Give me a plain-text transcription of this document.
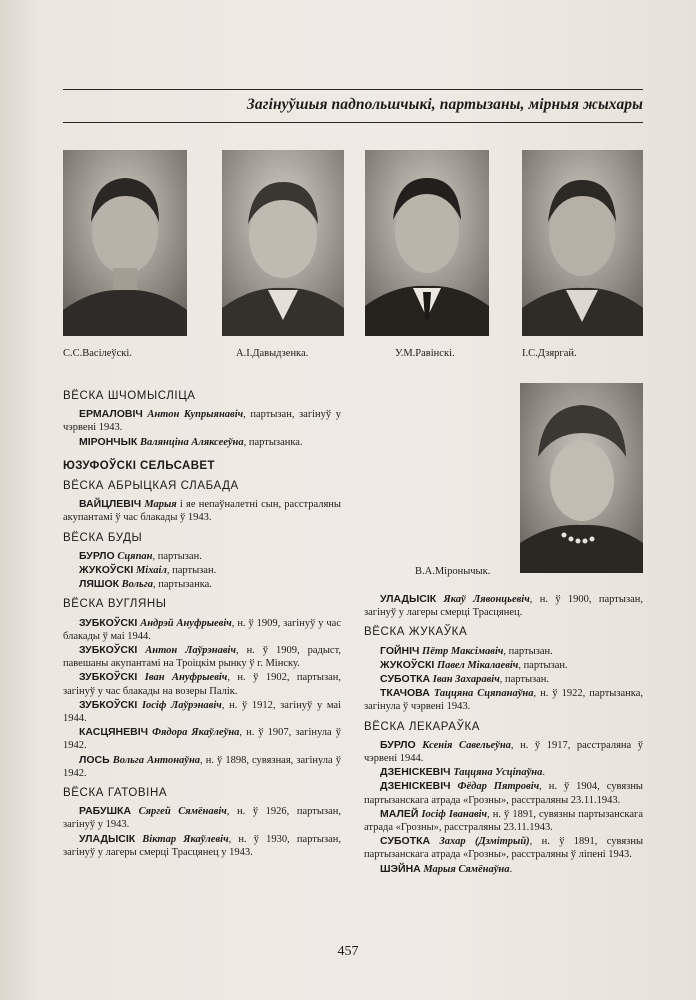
Загінуўшыя падпольшчыкі, партызаны, мірныя жыхары
С.С.Васілеўскі.	А.І.Давыдзенка.	У.М.Равінскі.	І.С.Дзяргай.
В.А.Міронычык.
ВЁСКА ШЧОМЫСЛІЦА
ЕРМАЛОВІЧ Антон Купрыянавіч, партызан, загінуў у чэрвені 1943.
МІРОНЧЫК Валянціна Аляксееўна, партызанка.
ЮЗУФОЎСКІ СЕЛЬСАВЕТ
ВЁСКА АБРЫЦКАЯ СЛАБАДА
ВАЙЦЛЕВІЧ Марыя і яе непаўналетні сын, расстраляны акупантамі ў час блакады ў 1943.
ВЁСКА БУДЫ
БУРЛО Сцяпан, партызан.
ЖУКОЎСКІ Міхаіл, партызан.
ЛЯШОК Вольга, партызанка.
ВЁСКА ВУГЛЯНЫ
ЗУБКОЎСКІ Андрэй Ануфрыевіч, н. ў 1909, загінуў у час блакады ў маі 1944.
ЗУБКОЎСКІ Антон Лаўрэнавіч, н. ў 1909, радыст, павешаны акупантамі на Троіцкім рынку ў г. Мінску.
ЗУБКОЎСКІ Іван Ануфрыевіч, н. ў 1902, партызан, загінуў у час блакады на возеры Палік.
ЗУБКОЎСКІ Іосіф Лаўрэнавіч, н. ў 1912, загінуў у маі 1944.
КАСЦЯНЕВІЧ Фядора Якаўлеўна, н. ў 1907, загінула ў 1942.
ЛОСЬ Вольга Антонаўна, н. ў 1898, сувязная, загінула ў 1942.
ВЁСКА ГАТОВІНА
РАБУШКА Сяргей Сямёнавіч, н. ў 1926, партызан, загінуў у 1943.
УЛАДЫСІК Віктар Якаўлевіч, н. ў 1930, партызан, загінуў у лагеры смерці Трасцянец у 1943.
УЛАДЫСІК Якаў Лявонцьевіч, н. ў 1900, партызан, загінуў у лагеры смерці Трасцянец.
ВЁСКА ЖУКАЎКА
ГОЙНІЧ Пётр Максімавіч, партызан.
ЖУКОЎСКІ Павел Мікалаевіч, партызан.
СУБОТКА Іван Захаравіч, партызан.
ТКАЧОВА Таццяна Сцяпанаўна, н. ў 1922, партызанка, загінула ў чэрвені 1943.
ВЁСКА ЛЕКАРАЎКА
БУРЛО Ксенія Савельеўна, н. ў 1917, расстраляна ў чэрвені 1944.
ДЗЕНІСКЕВІЧ Таццяна Усціпаўна.
ДЗЕНІСКЕВІЧ Фёдар Пятровіч, н. ў 1904, сувязны партызанскага атрада «Грозны», расстраляны 23.11.1943.
МАЛЕЙ Іосіф Іванавіч, н. ў 1891, сувязны партызанскага атрада «Грозны», расстраляны 23.11.1943.
СУБОТКА Захар (Дзмітрый), н. ў 1891, сувязны партызанскага атрада «Грозны», расстраляны ў ліпені 1943.
ШЭЙНА Марыя Сямёнаўна.
457
